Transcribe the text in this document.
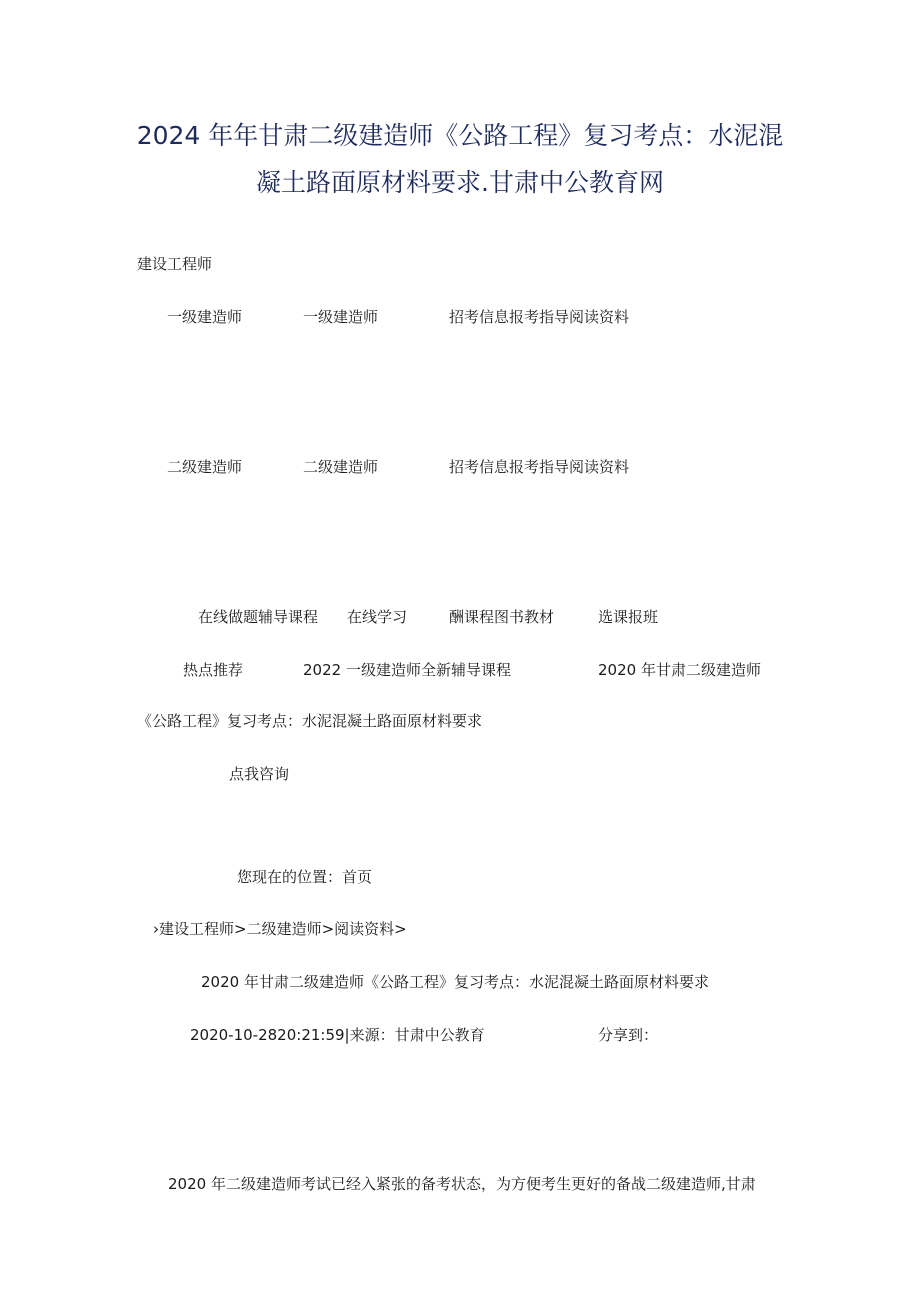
2024 年年甘肃二级建造师《公路工程》复习考点：水泥混
凝土路面原材料要求.甘肃中公教育网
建设工程师
一级建造师	一级建造师	招考信息报考指导阅读资料
二级建造师	二级建造师	招考信息报考指导阅读资料
在线做题辅导课程 在线学习	酬课程图书教材	选课报班
热点推荐	2022 一级建造师全新辅导课程	2020 年甘肃二级建造师
《公路工程》复习考点：水泥混凝土路面原材料要求
点我咨询
您现在的位置：首页
›建设工程师>二级建造师>阅读资料>
2020 年甘肃二级建造师《公路工程》复习考点：水泥混凝土路面原材料要求
2020-10-2820:21:59|来源：甘肃中公教育	分享到：
2020 年二级建造师考试已经入紧张的备考状态，为方便考生更好的备战二级建造师,甘肃
